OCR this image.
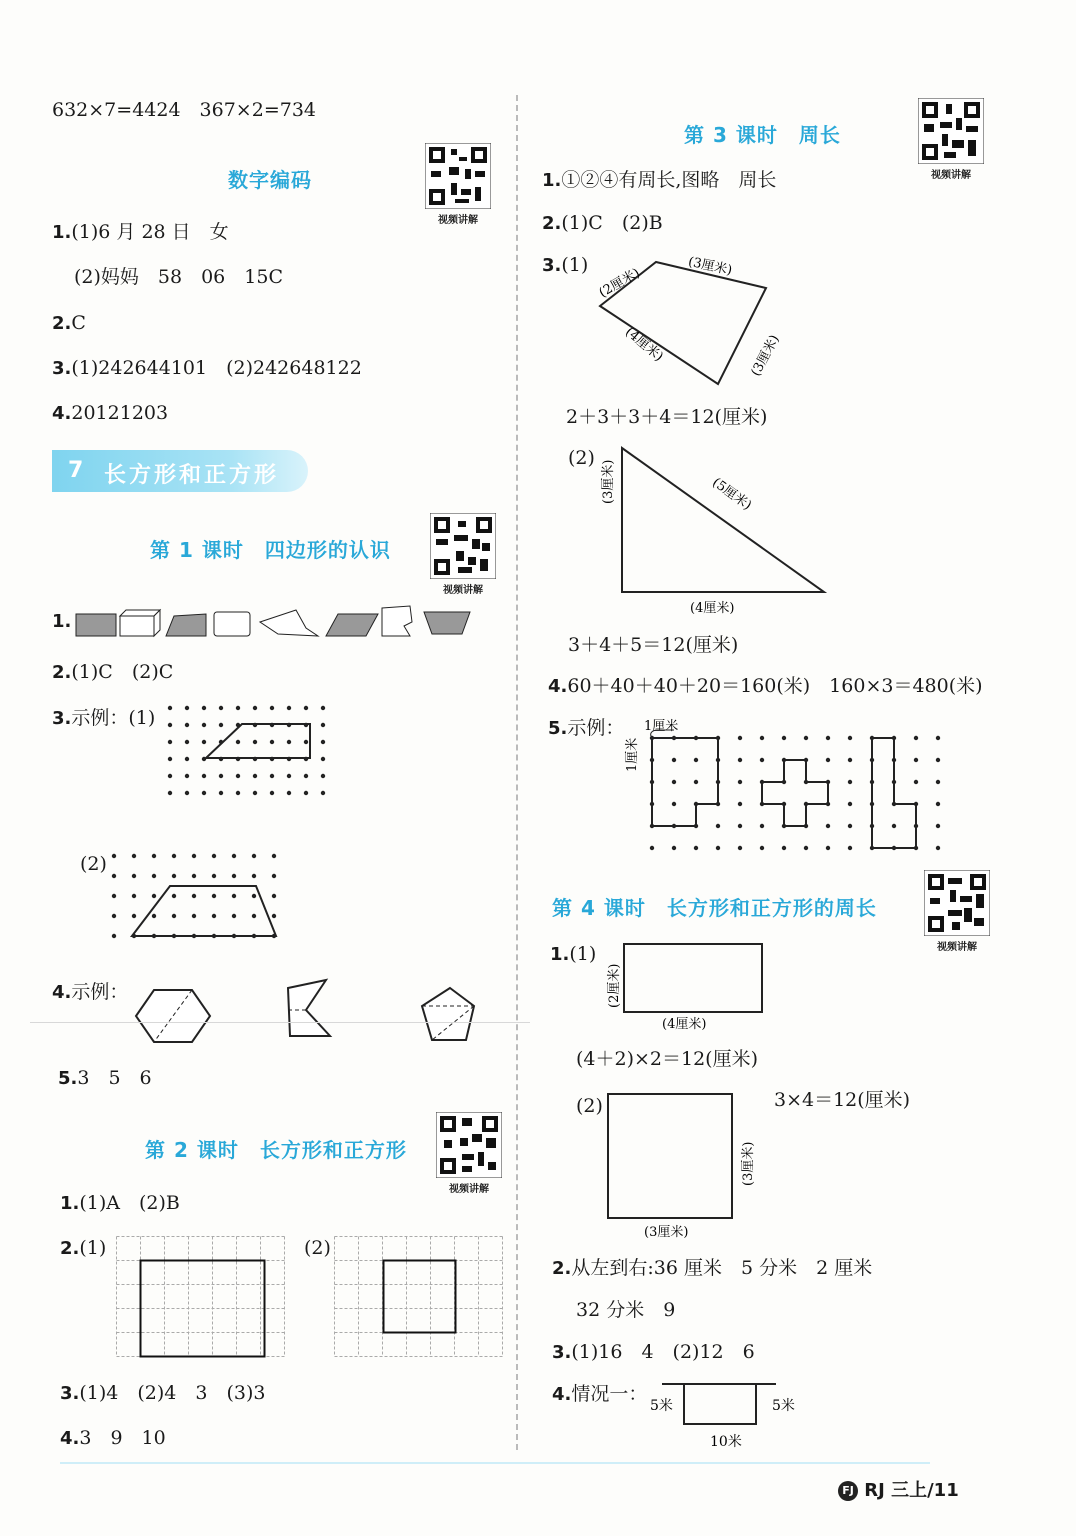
632×7=4424　367×2=734
数字编码
视频讲解
1.(1)6 月 28 日　女
(2)妈妈　58　06　15C
2.C
3.(1)242644101　(2)242648122
4.20121203
7 长方形和正方形
第 1 课时　四边形的认识
视频讲解
1.
2.(1)C　(2)C
3.示例：(1)
(2)
4.示例：
5.3　5　6
第 2 课时　长方形和正方形
视频讲解
1.(1)A　(2)B
2.(1)	(2)
3.(1)4　(2)4　3　(3)3
4.3　9　10
第 3 课时　周长
视频讲解
1.①②④有周长,图略　周长
2.(1)C　(2)B
3.(1)
(2厘米)	(3厘米)
(3厘米)
(4厘米)
2＋3＋3＋4＝12(厘米)
(2)
(3厘米)	(5厘米)
(4厘米)
3＋4＋5＝12(厘米)
4.60＋40＋40＋20＝160(米)　160×3＝480(米)
5.示例： 1厘米
1厘米
第 4 课时　长方形和正方形的周长
视频讲解
1.(1)
(2厘米)
(4厘米)
(4＋2)×2＝12(厘米)
(2)	3×4＝12(厘米)
(3厘米)
(3厘米)
2.从左到右:36 厘米　5 分米　2 厘米
32 分米　9
3.(1)16　4　(2)12　6
4.情况一：
5米	5米
10米
FJ RJ 三上/11
